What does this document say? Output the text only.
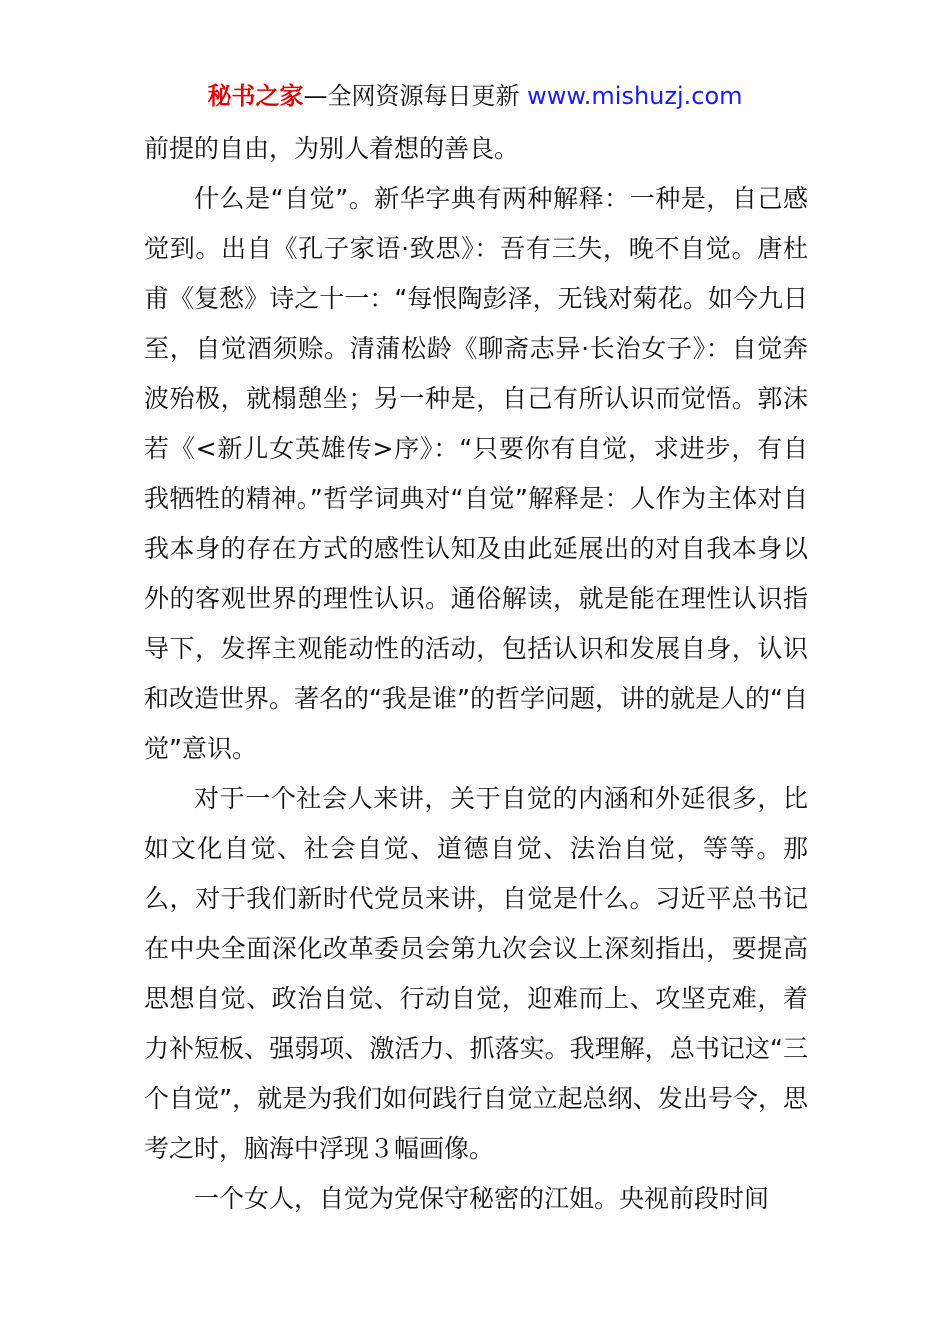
秘书之家—全网资源每日更新 www.mishuzj.com

前提的自由，为别人着想的善良。

什么是“自觉”。新华字典有两种解释：一种是，自己感觉到。出自《孔子家语·致思》：吾有三失，晚不自觉。唐杜甫《复愁》诗之十一：“每恨陶彭泽，无钱对菊花。如今九日至，自觉酒须赊。清蒲松龄《聊斋志异·长治女子》：自觉奔波殆极，就榻憩坐；另一种是，自己有所认识而觉悟。郭沫若《<新儿女英雄传>序》：“只要你有自觉，求进步，有自我牺牲的精神。”哲学词典对“自觉”解释是：人作为主体对自我本身的存在方式的感性认知及由此延展出的对自我本身以外的客观世界的理性认识。通俗解读，就是能在理性认识指导下，发挥主观能动性的活动，包括认识和发展自身，认识和改造世界。著名的“我是谁”的哲学问题，讲的就是人的“自觉”意识。

对于一个社会人来讲，关于自觉的内涵和外延很多，比如文化自觉、社会自觉、道德自觉、法治自觉，等等。那么，对于我们新时代党员来讲，自觉是什么。习近平总书记在中央全面深化改革委员会第九次会议上深刻指出，要提高思想自觉、政治自觉、行动自觉，迎难而上、攻坚克难，着力补短板、强弱项、激活力、抓落实。我理解，总书记这“三个自觉”，就是为我们如何践行自觉立起总纲、发出号令，思考之时，脑海中浮现３幅画像。

一个女人，自觉为党保守秘密的江姐。央视前段时间
